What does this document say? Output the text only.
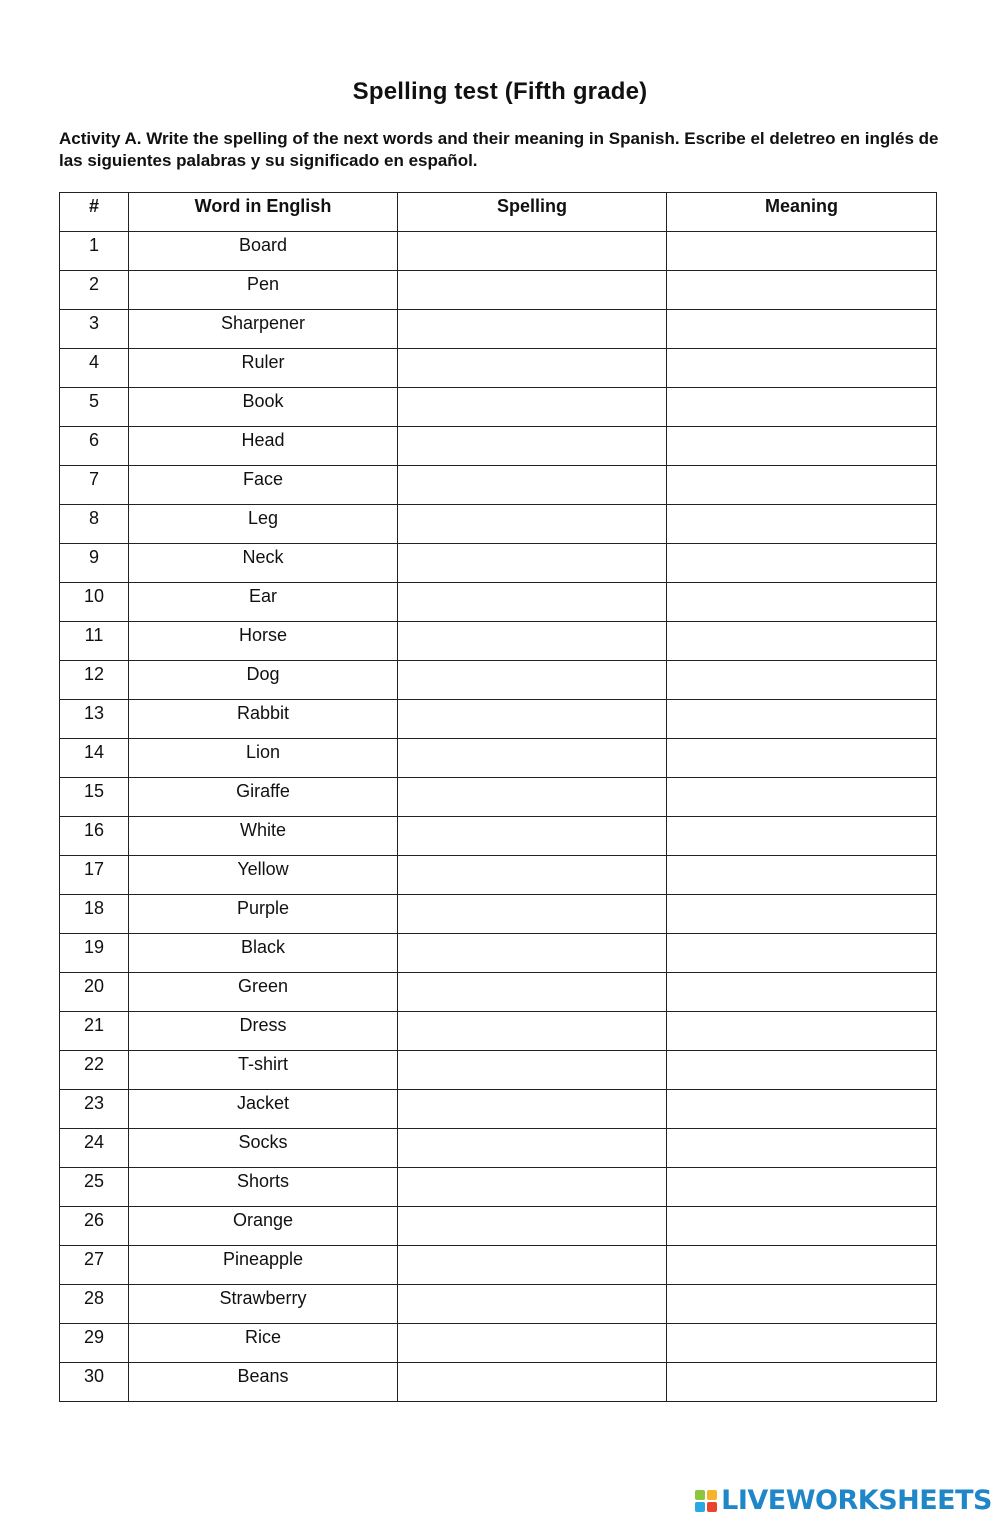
Spelling test (Fifth grade)
Activity A. Write the spelling of the next words and their meaning in Spanish. Escribe el deletreo en inglés de las siguientes palabras y su significado en español.
#	Word in English	Spelling	Meaning
1	Board		
2	Pen		
3	Sharpener		
4	Ruler		
5	Book		
6	Head		
7	Face		
8	Leg		
9	Neck		
10	Ear		
11	Horse		
12	Dog		
13	Rabbit		
14	Lion		
15	Giraffe		
16	White		
17	Yellow		
18	Purple		
19	Black		
20	Green		
21	Dress		
22	T-shirt		
23	Jacket		
24	Socks		
25	Shorts		
26	Orange		
27	Pineapple		
28	Strawberry		
29	Rice		
30	Beans		
LIVEWORKSHEETS
